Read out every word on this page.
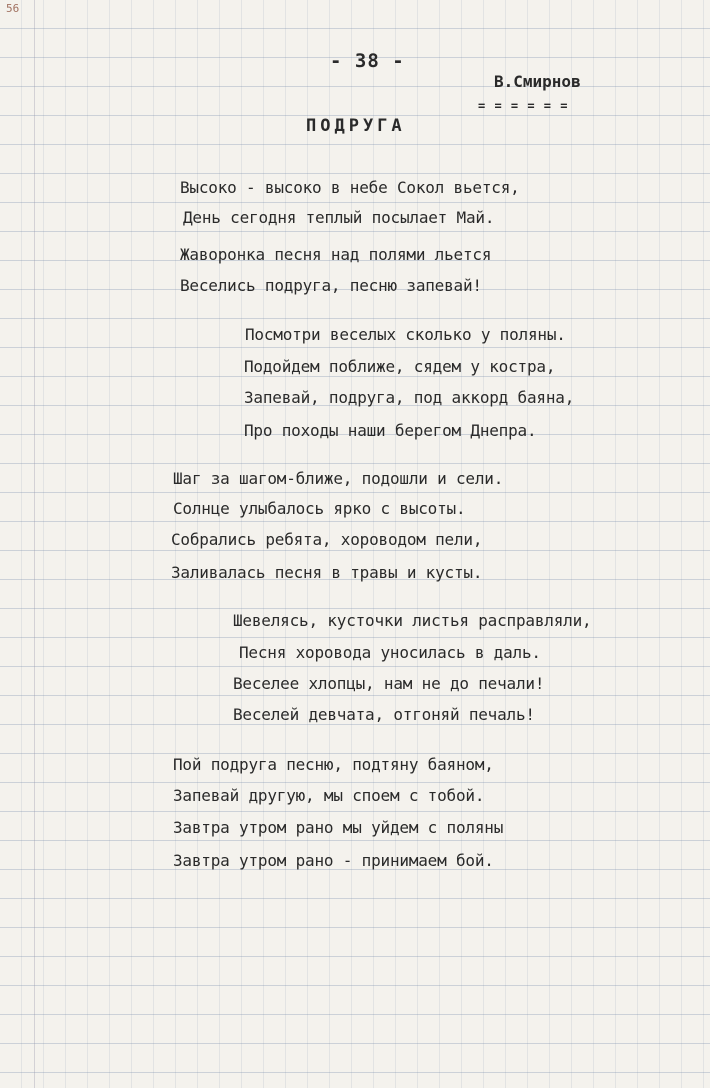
56
- 38 -
В.Смирнов
= = = = = =
ПОДРУГА
Высоко - высоко в небе Сокол вьется,
День сегодня теплый посылает Май.
Жаворонка песня над полями льется
Веселись подруга, песню запевай!
Посмотри веселых сколько у поляны.
Подойдем поближе, сядем у костра,
Запевай, подруга, под аккорд баяна,
Про походы наши берегом Днепра.
Шаг за шагом-ближе, подошли и сели.
Солнце улыбалось ярко с высоты.
Собрались ребята, хороводом пели,
Заливалась песня в травы и кусты.
Шевелясь, кусточки листья расправляли,
Песня хоровода уносилась в даль.
Веселее хлопцы, нам не до печали!
Веселей девчата, отгоняй печаль!
Пой подруга песню, подтяну баяном,
Запевай другую, мы споем с тобой.
Завтра утром рано мы уйдем с поляны
Завтра утром рано - принимаем бой.
